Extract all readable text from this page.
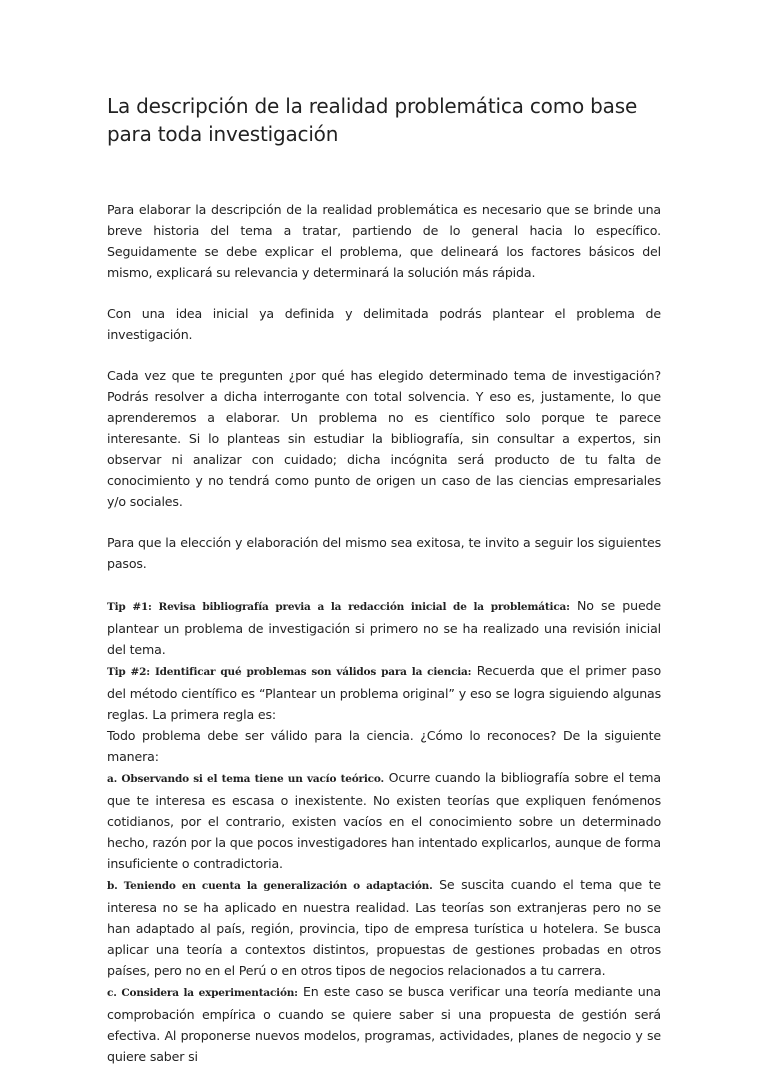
La descripción de la realidad problemática como base para toda investigación

Para elaborar la descripción de la realidad problemática es necesario que se brinde una breve historia del tema a tratar, partiendo de lo general hacia lo específico. Seguidamente se debe explicar el problema, que delineará los factores básicos del mismo, explicará su relevancia y determinará la solución más rápida.

Con una idea inicial ya definida y delimitada podrás plantear el problema de investigación.

Cada vez que te pregunten ¿por qué has elegido determinado tema de investigación? Podrás resolver a dicha interrogante con total solvencia. Y eso es, justamente, lo que aprenderemos a elaborar. Un problema no es científico solo porque te parece interesante. Si lo planteas sin estudiar la bibliografía, sin consultar a expertos, sin observar ni analizar con cuidado; dicha incógnita será producto de tu falta de conocimiento y no tendrá como punto de origen un caso de las ciencias empresariales y/o sociales.

Para que la elección y elaboración del mismo sea exitosa, te invito a seguir los siguientes pasos.

Tip #1: Revisa bibliografía previa a la redacción inicial de la problemática: No se puede plantear un problema de investigación si primero no se ha realizado una revisión inicial del tema.

Tip #2: Identificar qué problemas son válidos para la ciencia: Recuerda que el primer paso del método científico es “Plantear un problema original” y eso se logra siguiendo algunas reglas. La primera regla es:

Todo problema debe ser válido para la ciencia. ¿Cómo lo reconoces? De la siguiente manera:

a. Observando si el tema tiene un vacío teórico. Ocurre cuando la bibliografía sobre el tema que te interesa es escasa o inexistente. No existen teorías que expliquen fenómenos cotidianos, por el contrario, existen vacíos en el conocimiento sobre un determinado hecho, razón por la que pocos investigadores han intentado explicarlos, aunque de forma insuficiente o contradictoria.

b. Teniendo en cuenta la generalización o adaptación. Se suscita cuando el tema que te interesa no se ha aplicado en nuestra realidad. Las teorías son extranjeras pero no se han adaptado al país, región, provincia, tipo de empresa turística u hotelera. Se busca aplicar una teoría a contextos distintos, propuestas de gestiones probadas en otros países, pero no en el Perú o en otros tipos de negocios relacionados a tu carrera.

c. Considera la experimentación: En este caso se busca verificar una teoría mediante una comprobación empírica o cuando se quiere saber si una propuesta de gestión será efectiva. Al proponerse nuevos modelos, programas, actividades, planes de negocio y se quiere saber si
